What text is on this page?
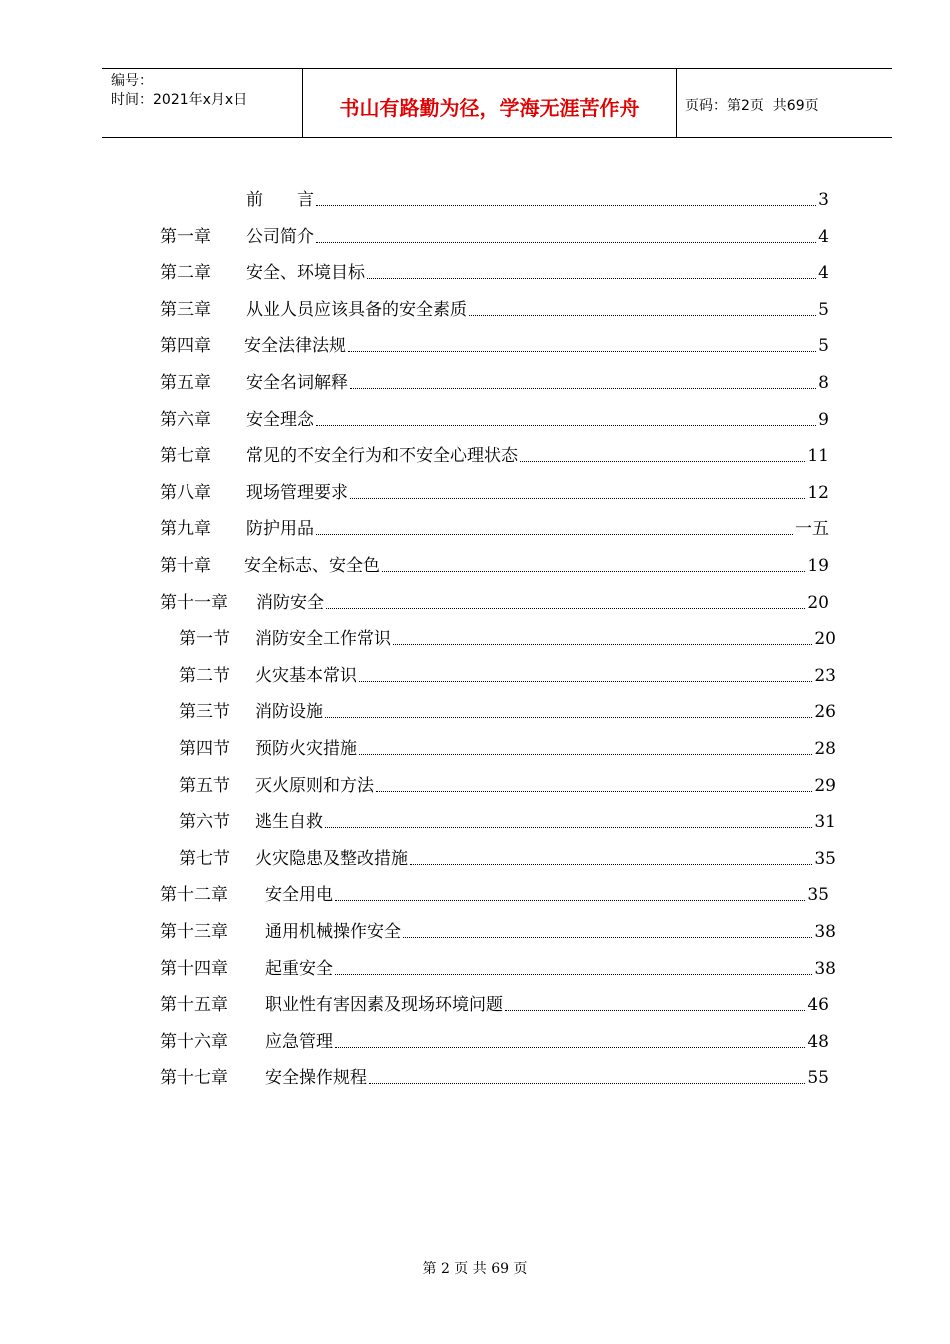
编号：
时间：2021年x月x日	书山有路勤为径，学海无涯苦作舟	页码：第2页  共69页
前　　言	3
第一章	公司简介	4
第二章	安全、环境目标	4
第三章	从业人员应该具备的安全素质	5
第四章	安全法律法规	5
第五章	安全名词解释	8
第六章	安全理念	9
第七章	常见的不安全行为和不安全心理状态	11
第八章	现场管理要求	12
第九章	防护用品	一五
第十章	安全标志、安全色	19
第十一章	消防安全	20
第一节	消防安全工作常识	20
第二节	火灾基本常识	23
第三节	消防设施	26
第四节	预防火灾措施	28
第五节	灭火原则和方法	29
第六节	逃生自救	31
第七节	火灾隐患及整改措施	35
第十二章	安全用电	35
第十三章	通用机械操作安全	38
第十四章	起重安全	38
第十五章	职业性有害因素及现场环境问题	46
第十六章	应急管理	48
第十七章	安全操作规程	55
第 2 页 共 69 页
